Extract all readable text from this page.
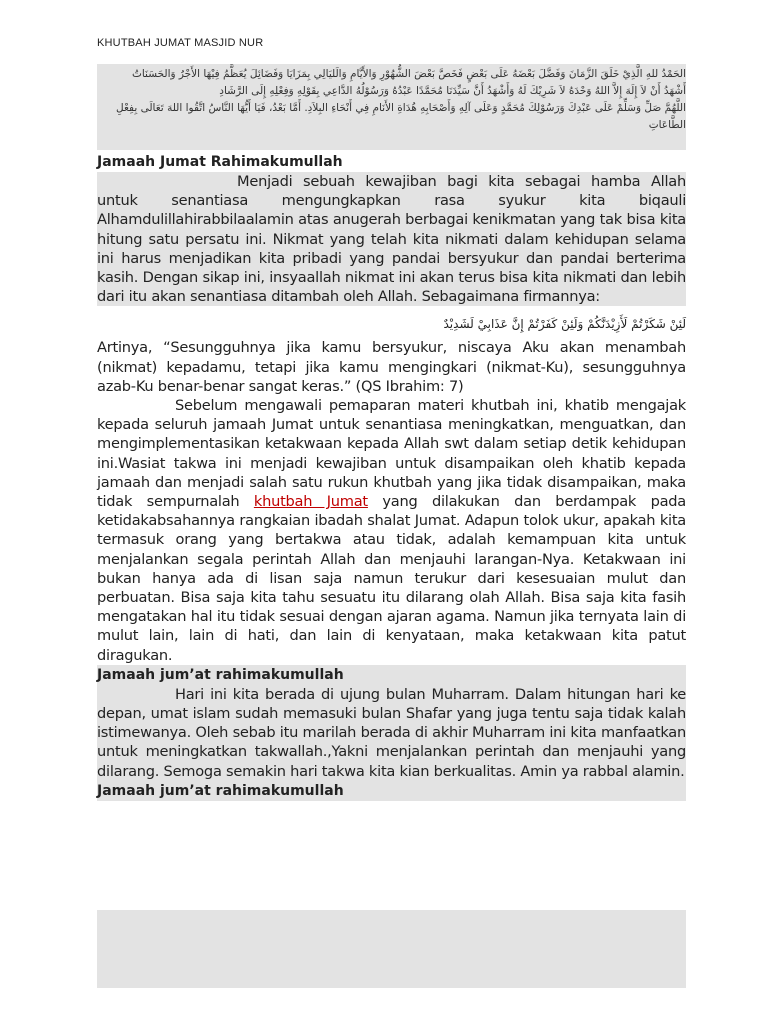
KHUTBAH JUMAT MASJID NUR

الحَمْدُ للهِ الَّذِيْ خَلَقَ الزَّمَانَ وَفَضَّلَ بَعْضَهُ عَلَى بَعْضٍ فَخَصَّ بَعْضَ الشُّهُوْرِ وَالأَيَّامِ وَالَليَالِي بِمَزَايَا وَفَضَائِلَ يُعَظَّمُ فِيْهَا الأَجْرُ وَالحَسَنَاتُ

أَشْهَدُ أَنْ لاَ إِلَهَ إِلاَّ اللهُ وَحْدَهُ لاَ شَرِيْكَ لَهُ وَأَشْهَدُ أَنَّ سَيِّدَنَا مُحَمَّدًا عَبْدُهُ وَرَسُوْلُهُ الدَّاعِي بِقَوْلِهِ وَفِعْلِهِ إِلَى الرَّشَادِ

اللَّهُمَّ صَلِّ وَسَلِّمْ عَلَى عَبْدِكَ وَرَسُوْلِكَ مُحَمَّدٍ وَعَلَى آلِهِ وَأَصْحَابِهِ هُدَاةِ الأَنَامِ فِي أَنْحَاءِ البِلاَدِ. أَمَّا بَعْدُ، فَيَا أَيُّهَا النَّاسُ اتَّقُوا اللهَ تَعَالَى بِفِعْلِ الطَّاعَاتِ

Jamaah Jumat Rahimakumullah

Menjadi sebuah kewajiban bagi kita sebagai hamba Allah untuk senantiasa mengungkapkan rasa syukur kita biqauli Alhamdulillahirabbilaalamin atas anugerah berbagai kenikmatan yang tak bisa kita hitung satu persatu ini. Nikmat yang telah kita nikmati dalam kehidupan selama ini harus menjadikan kita pribadi yang pandai bersyukur dan pandai berterima kasih. Dengan sikap ini, insyaallah nikmat ini akan terus bisa kita nikmati dan lebih dari itu akan senantiasa ditambah oleh Allah. Sebagaimana firmannya:

لَئِنْ شَكَرْتُمْ لَأَزِيْدَنَّكُمْ وَلَئِنْ كَفَرْتُمْ إِنَّ عَذَابِيْ لَشَدِيْدٌ

Artinya, “Sesungguhnya jika kamu bersyukur, niscaya Aku akan menambah (nikmat) kepadamu, tetapi jika kamu mengingkari (nikmat-Ku), sesungguhnya azab-Ku benar-benar sangat keras.” (QS Ibrahim: 7)

Sebelum mengawali pemaparan materi khutbah ini, khatib mengajak kepada seluruh jamaah Jumat untuk senantiasa meningkatkan, menguatkan, dan mengimplementasikan ketakwaan kepada Allah swt dalam setiap detik kehidupan ini.Wasiat takwa ini menjadi kewajiban untuk disampaikan oleh khatib kepada jamaah dan menjadi salah satu rukun khutbah yang jika tidak disampaikan, maka tidak sempurnalah khutbah Jumat yang dilakukan dan berdampak pada ketidakabsahannya rangkaian ibadah shalat Jumat. Adapun tolok ukur, apakah kita termasuk orang yang bertakwa atau tidak, adalah kemampuan kita untuk menjalankan segala perintah Allah dan menjauhi larangan-Nya. Ketakwaan ini bukan hanya ada di lisan saja namun terukur dari kesesuaian mulut dan perbuatan. Bisa saja kita tahu sesuatu itu dilarang olah Allah. Bisa saja kita fasih mengatakan hal itu tidak sesuai dengan ajaran agama. Namun jika ternyata lain di mulut lain, lain di hati, dan lain di kenyataan, maka ketakwaan kita patut diragukan.

Jamaah jum’at rahimakumullah

Hari ini kita berada di ujung bulan Muharram. Dalam hitungan hari ke depan, umat islam sudah memasuki bulan Shafar yang juga tentu saja tidak kalah istimewanya. Oleh sebab itu marilah berada di akhir Muharram ini kita manfaatkan untuk meningkatkan takwallah.,Yakni menjalankan perintah dan menjauhi yang dilarang. Semoga semakin hari takwa kita kian berkualitas. Amin ya rabbal alamin.

Jamaah jum’at rahimakumullah
